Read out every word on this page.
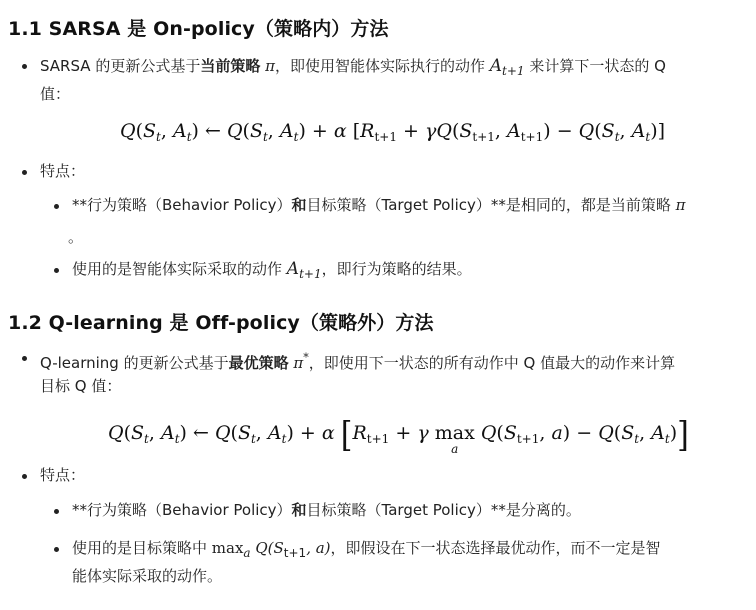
1.1 SARSA 是 On-policy（策略内）方法
SARSA 的更新公式基于当前策略 π，即使用智能体实际执行的动作 $A_{t+1}$ 来计算下一状态的 Q
值：
$Q(S_t$, $A_t$) ← $Q(S_t$, $A_t) + \alpha$ [$R_{t+1} + \gamma Q(S_{t+1}$, $A_{t+1}) - Q(S_t$, $A_t$)]
特点：
**行为策略（Behavior Policy）和目标策略（Target Policy）**是相同的，都是当前策略 π
。
使用的是智能体实际采取的动作 $A_{t+1}$，即行为策略的结果。
1.2 Q-learning 是 Off-policy（策略外）方法
Q-learning 的更新公式基于最优策略 π*，即使用下一状态的所有动作中 Q 值最大的动作来计算
目标 Q 值：
$Q(S_t$, $A_t$) ← $Q(S_t$, $A_t) + \alpha$ [$R_{t+1} + \gamma$ max
a
$Q(S_{t+1}$, $a) - Q(S_t$, $A_t$)]
特点：
**行为策略（Behavior Policy）和目标策略（Target Policy）**是分离的。
使用的是目标策略中 $\max_a Q(S_{t+1}$, a)，即假设在下一状态选择最优动作，而不一定是智
能体实际采取的动作。
